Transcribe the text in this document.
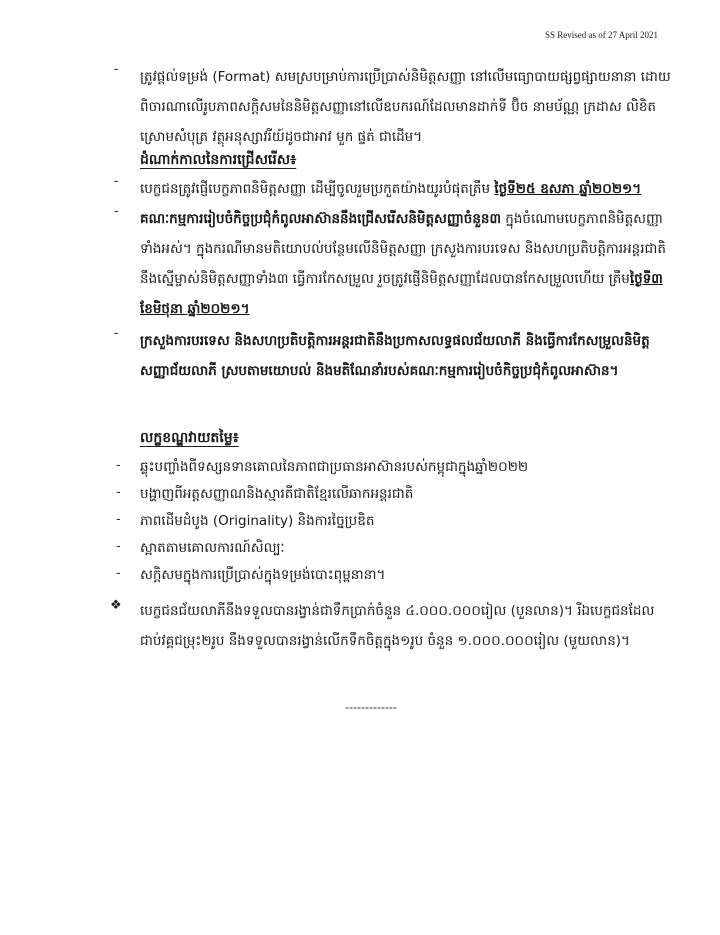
SS Revised as of 27 April 2021
- ត្រូវផ្តល់ទម្រង់ (Format) សមស្របម្រាប់ការប្រើប្រាស់និមិត្តសញ្ញា នៅលើមធ្យោបាយផ្សព្វផ្សាយនានា ដោយពិចារណាលើរូបភាពសក្តិសមនៃនិមិត្តសញ្ញានៅលើឧបករណ៍ដែលមានដាក់ទី ប៊ិច នាមប័ណ្ណ ក្រដាស លិខិត ស្រោមសំបុត្រ វត្ថុអនុស្សាវរីយ៍ដូចជាអាវ មួក ផ្ទត់ ជាដើម។

ដំណាក់កាលនៃការជ្រើសរើស៖
- បេក្ខជនត្រូវផ្ញើបេក្ខភាពនិមិត្តសញ្ញា ដើម្បីចូលរួមប្រកួតយ៉ាងយូរបំផុតត្រឹម ថ្ងៃទី២៥ ឧសភា ឆ្នាំ២០២១។

- គណៈកម្មការរៀបចំកិច្ចប្រជុំកំពូលអាស៊ាននឹងជ្រើសរើសនិមិត្តសញ្ញាចំនួន៣ ក្នុងចំណោមបេក្ខភាពនិមិត្តសញ្ញាទាំងអស់។ ក្នុងករណីមានមតិយោបល់បន្ថែមលើនិមិត្តសញ្ញា ក្រសួងការបរទេស និងសហប្រតិបត្តិការអន្តរជាតិនឹងស្នើម្ចាស់និមិត្តសញ្ញាទាំង៣ ធ្វើការកែសម្រួល រួចត្រូវផ្ញើនិមិត្តសញ្ញាដែលបានកែសម្រួលហើយ ត្រឹមថ្ងៃទី៣ ខែមិថុនា ឆ្នាំ២០២១។

- ក្រសួងការបរទេស និងសហប្រតិបត្តិការអន្តរជាតិនឹងប្រកាសលទ្ធផលជ័យលាភី និងធ្វើការកែសម្រួលនិមិត្តសញ្ញាជ័យលាភី ស្របតាមយោបល់ និងមតិណែនាំរបស់គណៈកម្មការរៀបចំកិច្ចប្រជុំកំពូលអាស៊ាន។

លក្ខខណ្ឌវាយតម្លៃ៖
- ឆ្លុះបញ្ចាំងពីទស្សនទានគោលនៃភាពជាប្រធានអាស៊ានរបស់កម្ពុជាក្នុងឆ្នាំ២០២២
- បង្ហាញពីអត្តសញ្ញាណនិងស្មារតីជាតិខ្មែរលើឆាកអន្តរជាតិ
- ភាពដើមដំបូង (Originality) និងការច្នៃប្រឌិត
- ស្អាតតាមគោលការណ៍សិល្បៈ
- សក្តិសមក្នុងការប្រើប្រាស់ក្នុងទម្រង់បោះពុម្ពនានា។
❖ បេក្ខជនជ័យលាភីនឹងទទួលបានរង្វាន់ជាទឹកប្រាក់ចំនួន ៤.០០០.០០០រៀល (បួនលាន)។ រីឯបេក្ខជនដែលជាប់វគ្គជម្រុះ២រូប នឹងទទួលបានរង្វាន់លើកទឹកចិត្តក្នុង១រូប ចំនួន ១.០០០.០០០រៀល (មួយលាន)។

-------------
